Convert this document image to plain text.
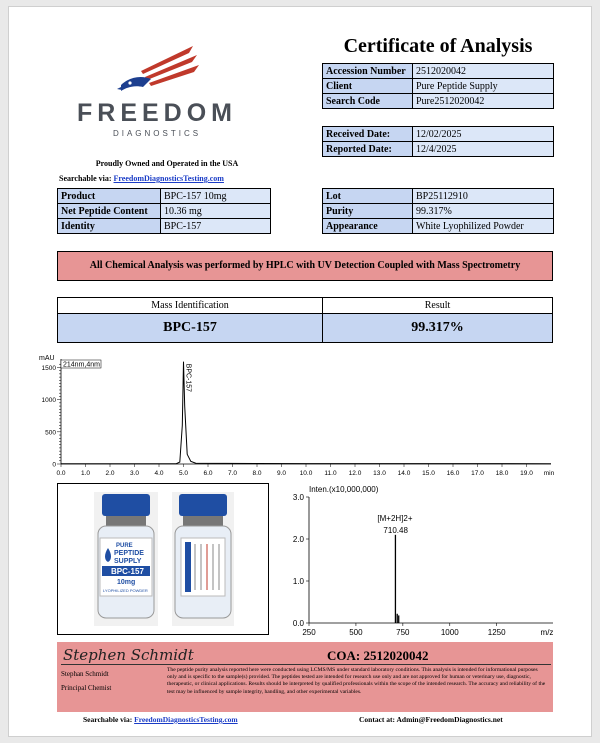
FREEDOM
DIAGNOSTICS
Proudly Owned and Operated in the USA
Searchable via: FreedomDiagnosticsTesting.com
Certificate of Analysis
Accession Number	2512020042
Client	Pure Peptide Supply
Search Code	Pure2512020042
Received Date:	12/02/2025
Reported Date:	12/4/2025
Product	BPC-157 10mg
Net Peptide Content	10.36 mg
Identity	BPC-157
Lot	BP25112910
Purity	99.317%
Appearance	White Lyophilized Powder
All Chemical Analysis was performed by HPLC with UV Detection Coupled with Mass Spectrometry
Mass Identification	Result
BPC-157	99.317%
0
500
1000
1500
0.0 1.0 2.0 3.0 4.0 5.0 6.0 7.0 8.0 9.0 10.0 11.0 12.0 13.0 14.0 15.0 16.0 17.0 18.0 19.0 min
mAU
214nm,4nm	BPC-157
PURE
PEPTIDE
SUPPLY
BPC-157
10mg
LYOPHILIZED POWDER
Inten.(x10,000,000)
0.0
1.0
2.0
3.0
250	500	750	1000	1250	m/z
[M+2H]2+
710.48
Stephen Schmidt
Stephan Schmidt
Principal Chemist
COA: 2512020042
The peptide purity analysis reported here were conducted using LCMS/MS under standard laboratory conditions. This analysis is intended for informational purposes only and is specific to the sample(s) provided. The peptides tested are intended for research use only and are not approved for human or veterinary use, diagnostic, therapeutic, or clinical applications. Results should be interpreted by qualified professionals within the scope of the intended research. The accuracy and reliability of the test may be influenced by sample integrity, handling, and other experimental variables.
Searchable via: FreedomDiagnosticsTesting.com	Contact at: Admin@FreedomDiagnostics.net
